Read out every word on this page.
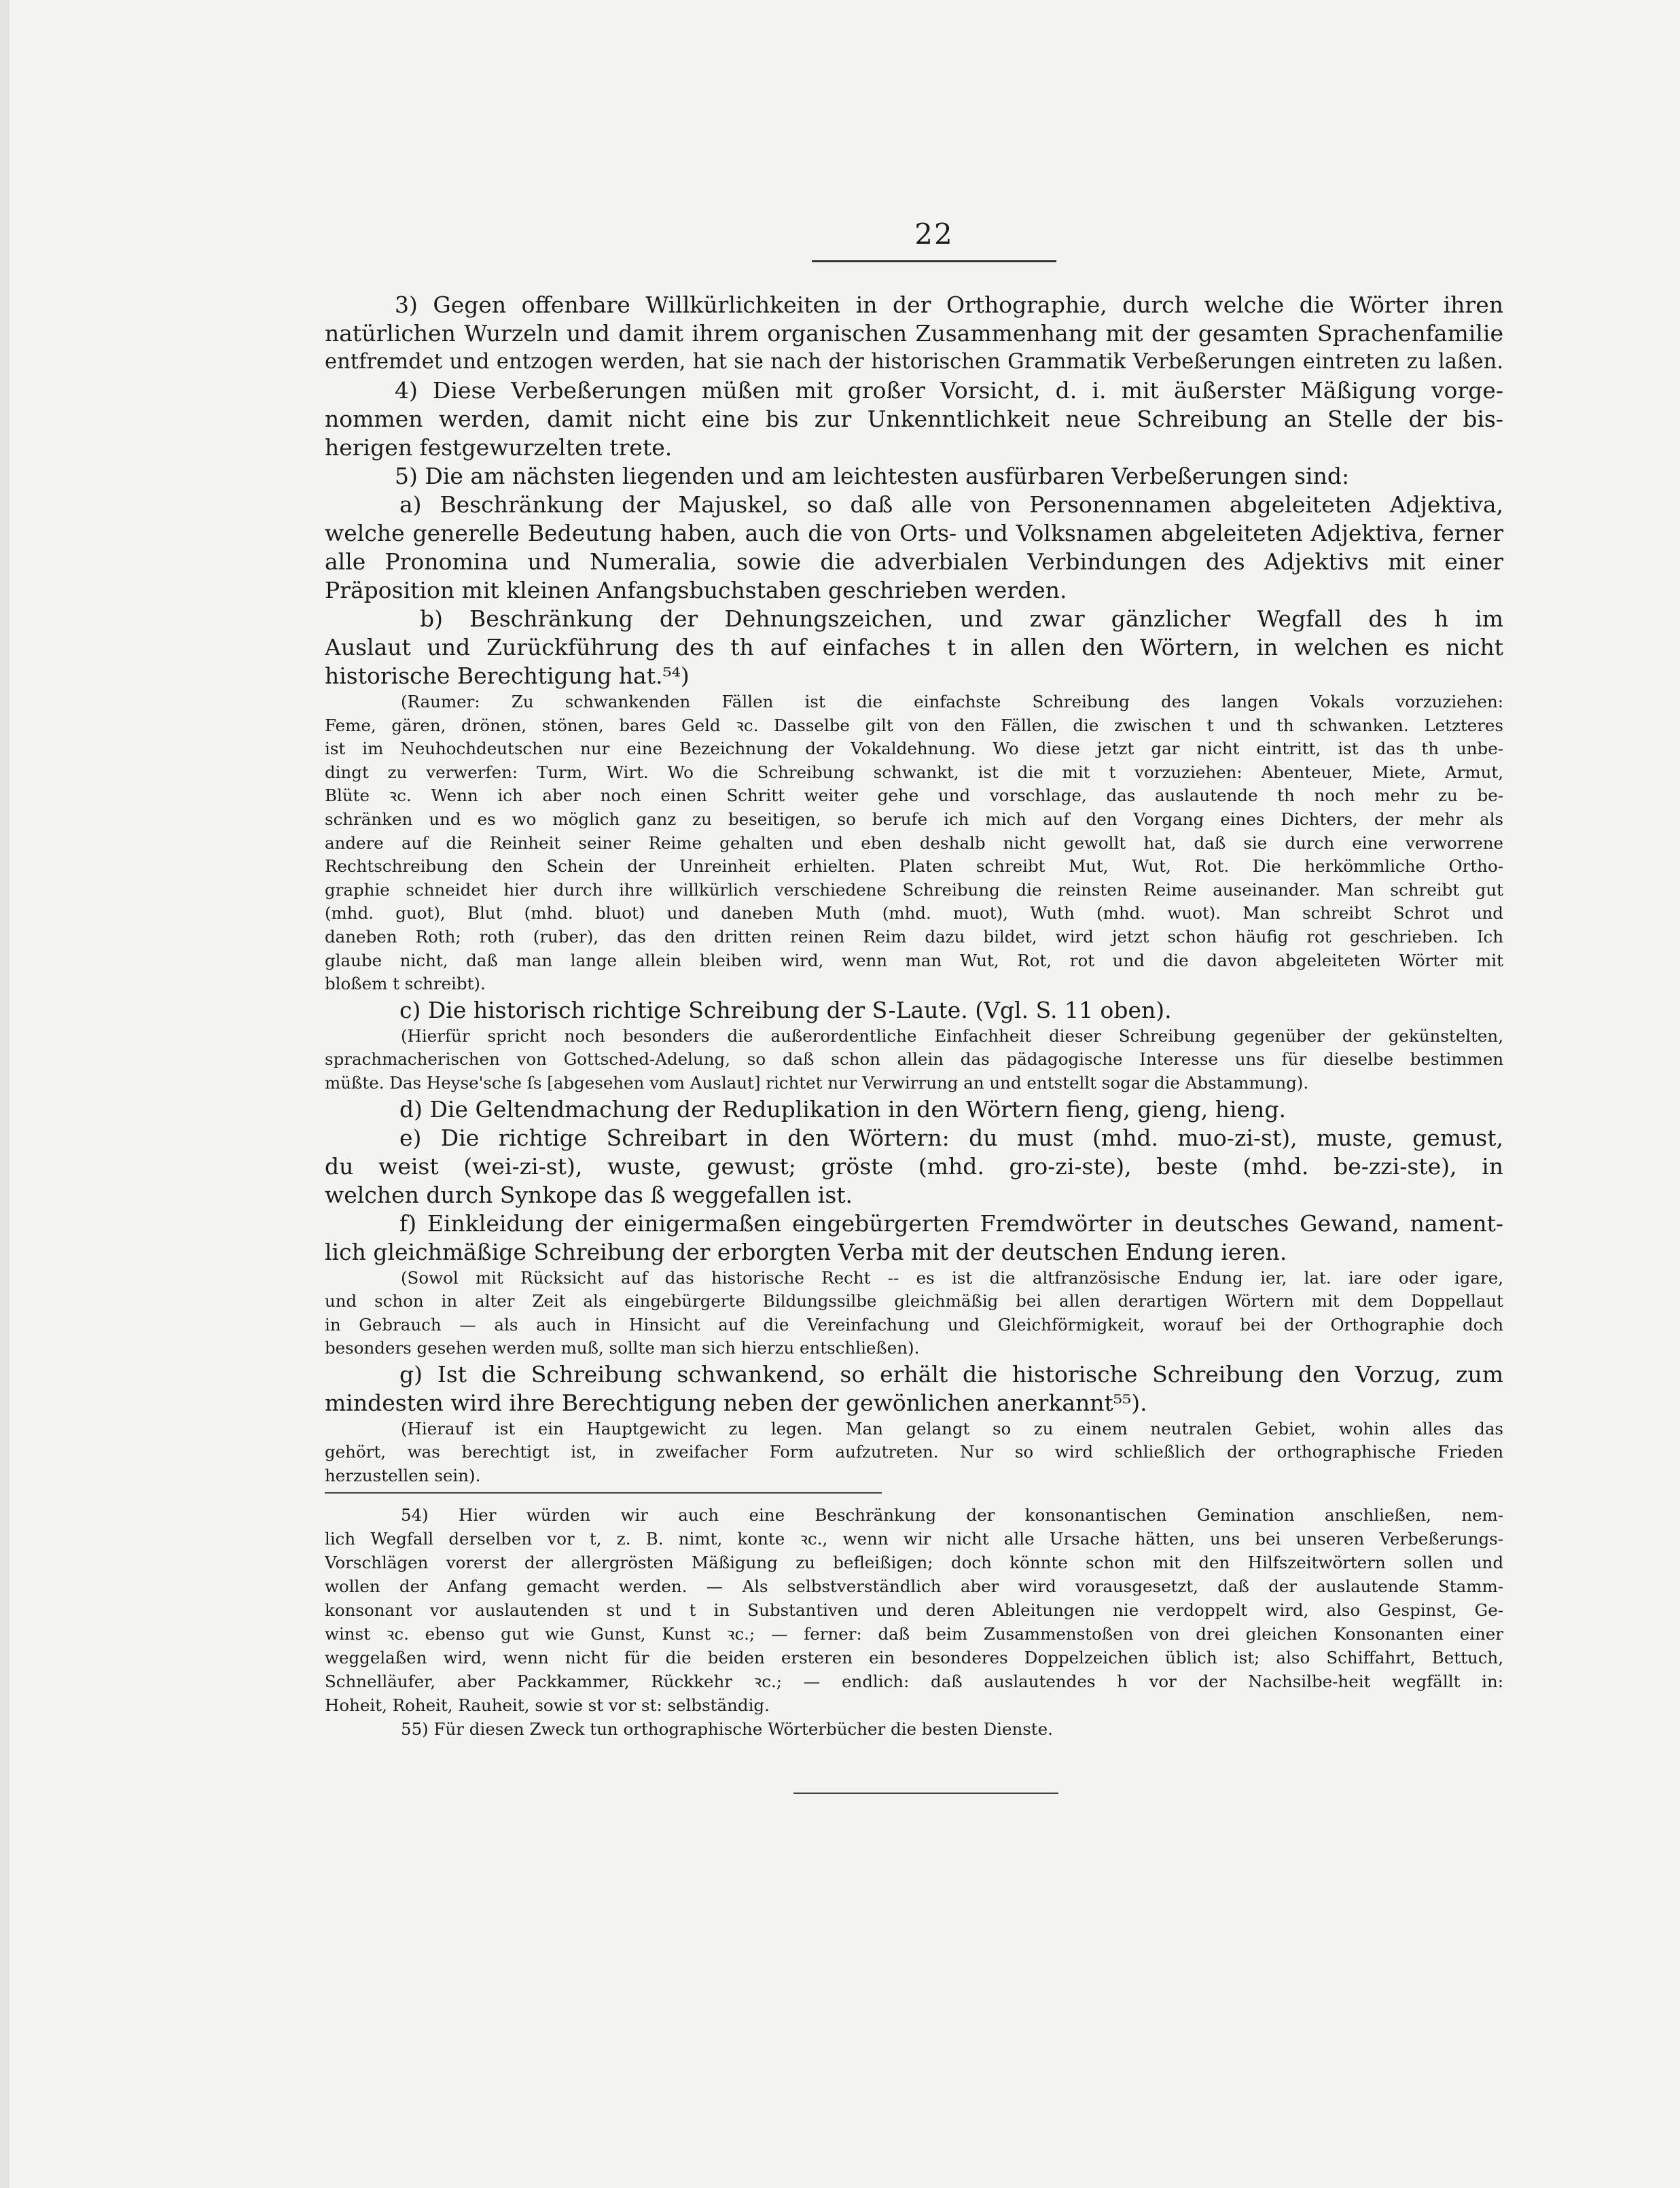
22
3) Gegen offenbare Willkürlichkeiten in der Orthographie, durch welche die Wörter ihren
natürlichen Wurzeln und damit ihrem organischen Zusammenhang mit der gesamten Sprachenfamilie
entfremdet und entzogen werden, hat sie nach der historischen Grammatik Verbeßerungen eintreten zu laßen.
4) Diese Verbeßerungen müßen mit großer Vorsicht, d. i. mit äußerster Mäßigung vorge-
nommen werden, damit nicht eine bis zur Unkenntlichkeit neue Schreibung an Stelle der bis-
herigen festgewurzelten trete.
5) Die am nächsten liegenden und am leichtesten ausfürbaren Verbeßerungen sind:
a) Beschränkung der Majuskel, so daß alle von Personennamen abgeleiteten Adjektiva,
welche generelle Bedeutung haben, auch die von Orts- und Volksnamen abgeleiteten Adjektiva, ferner
alle Pronomina und Numeralia, sowie die adverbialen Verbindungen des Adjektivs mit einer
Präposition mit kleinen Anfangsbuchstaben geschrieben werden.
b) Beschränkung der Dehnungszeichen, und zwar gänzlicher Wegfall des h im
Auslaut und Zurückführung des th auf einfaches t in allen den Wörtern, in welchen es nicht
historische Berechtigung hat.⁵⁴)
(Raumer: Zu schwankenden Fällen ist die einfachste Schreibung des langen Vokals vorzuziehen:
Feme, gären, drönen, stönen, bares Geld ꝛc. Dasselbe gilt von den Fällen, die zwischen t und th schwanken. Letzteres
ist im Neuhochdeutschen nur eine Bezeichnung der Vokaldehnung. Wo diese jetzt gar nicht eintritt, ist das th unbe-
dingt zu verwerfen: Turm, Wirt. Wo die Schreibung schwankt, ist die mit t vorzuziehen: Abenteuer, Miete, Armut,
Blüte ꝛc. Wenn ich aber noch einen Schritt weiter gehe und vorschlage, das auslautende th noch mehr zu be-
schränken und es wo möglich ganz zu beseitigen, so berufe ich mich auf den Vorgang eines Dichters, der mehr als
andere auf die Reinheit seiner Reime gehalten und eben deshalb nicht gewollt hat, daß sie durch eine verworrene
Rechtschreibung den Schein der Unreinheit erhielten. Platen schreibt Mut, Wut, Rot. Die herkömmliche Ortho-
graphie schneidet hier durch ihre willkürlich verschiedene Schreibung die reinsten Reime auseinander. Man schreibt gut
(mhd. guot), Blut (mhd. bluot) und daneben Muth (mhd. muot), Wuth (mhd. wuot). Man schreibt Schrot und
daneben Roth; roth (ruber), das den dritten reinen Reim dazu bildet, wird jetzt schon häufig rot geschrieben. Ich
glaube nicht, daß man lange allein bleiben wird, wenn man Wut, Rot, rot und die davon abgeleiteten Wörter mit
bloßem t schreibt).
c) Die historisch richtige Schreibung der S-Laute. (Vgl. S. 11 oben).
(Hierfür spricht noch besonders die außerordentliche Einfachheit dieser Schreibung gegenüber der gekünstelten,
sprachmacherischen von Gottsched-Adelung, so daß schon allein das pädagogische Interesse uns für dieselbe bestimmen
müßte. Das Heyse'sche ſs [abgesehen vom Auslaut] richtet nur Verwirrung an und entstellt sogar die Abstammung).
d) Die Geltendmachung der Reduplikation in den Wörtern fieng, gieng, hieng.
e) Die richtige Schreibart in den Wörtern: du must (mhd. muo-zi-st), muste, gemust,
du weist (wei-zi-st), wuste, gewust; gröste (mhd. gro-zi-ste), beste (mhd. be-zzi-ste), in
welchen durch Synkope das ß weggefallen ist.
f) Einkleidung der einigermaßen eingebürgerten Fremdwörter in deutsches Gewand, nament-
lich gleichmäßige Schreibung der erborgten Verba mit der deutschen Endung ieren.
(Sowol mit Rücksicht auf das historische Recht -- es ist die altfranzösische Endung ier, lat. iare oder igare,
und schon in alter Zeit als eingebürgerte Bildungssilbe gleichmäßig bei allen derartigen Wörtern mit dem Doppellaut
in Gebrauch — als auch in Hinsicht auf die Vereinfachung und Gleichförmigkeit, worauf bei der Orthographie doch
besonders gesehen werden muß, sollte man sich hierzu entschließen).
g) Ist die Schreibung schwankend, so erhält die historische Schreibung den Vorzug, zum
mindesten wird ihre Berechtigung neben der gewönlichen anerkannt⁵⁵).
(Hierauf ist ein Hauptgewicht zu legen. Man gelangt so zu einem neutralen Gebiet, wohin alles das
gehört, was berechtigt ist, in zweifacher Form aufzutreten. Nur so wird schließlich der orthographische Frieden
herzustellen sein).
54) Hier würden wir auch eine Beschränkung der konsonantischen Gemination anschließen, nem-
lich Wegfall derselben vor t, z. B. nimt, konte ꝛc., wenn wir nicht alle Ursache hätten, uns bei unseren Verbeßerungs-
Vorschlägen vorerst der allergrösten Mäßigung zu befleißigen; doch könnte schon mit den Hilfszeitwörtern sollen und
wollen der Anfang gemacht werden. — Als selbstverständlich aber wird vorausgesetzt, daß der auslautende Stamm-
konsonant vor auslautenden st und t in Substantiven und deren Ableitungen nie verdoppelt wird, also Gespinst, Ge-
winst ꝛc. ebenso gut wie Gunst, Kunst ꝛc.; — ferner: daß beim Zusammenstoßen von drei gleichen Konsonanten einer
weggelaßen wird, wenn nicht für die beiden ersteren ein besonderes Doppelzeichen üblich ist; also Schiffahrt, Bettuch,
Schnelläufer, aber Packkammer, Rückkehr ꝛc.; — endlich: daß auslautendes h vor der Nachsilbe-heit wegfällt in:
Hoheit, Roheit, Rauheit, sowie st vor st: selbständig.
55) Für diesen Zweck tun orthographische Wörterbücher die besten Dienste.
